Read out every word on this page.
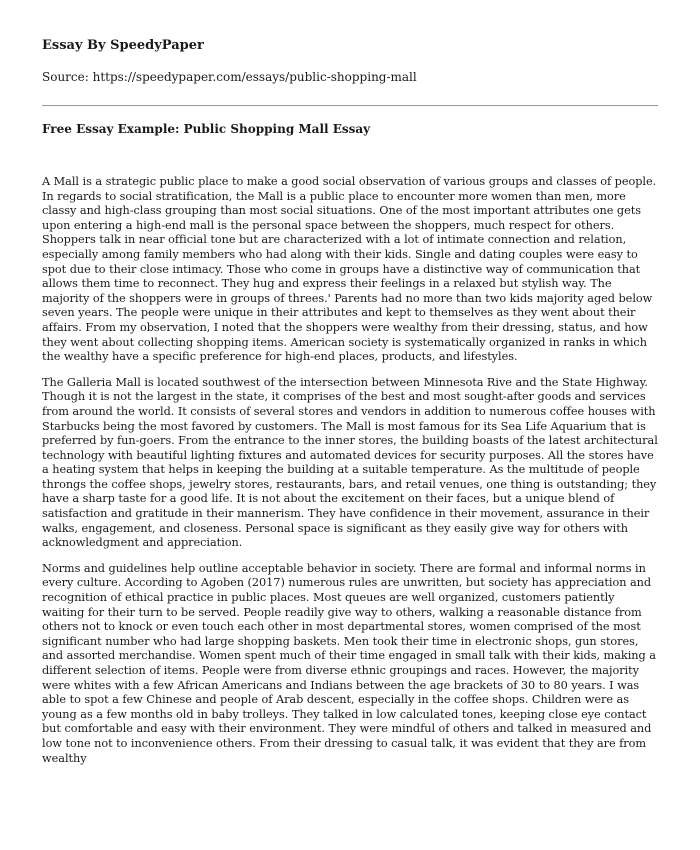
Essay By SpeedyPaper
Source: https://speedypaper.com/essays/public-shopping-mall
Free Essay Example: Public Shopping Mall Essay

A Mall is a strategic public place to make a good social observation of various groups and classes of people. In regards to social stratification, the Mall is a public place to encounter more women than men, more classy and high-class grouping than most social situations. One of the most important attributes one gets upon entering a high-end mall is the personal space between the shoppers, much respect for others. Shoppers talk in near official tone but are characterized with a lot of intimate connection and relation, especially among family members who had along with their kids. Single and dating couples were easy to spot due to their close intimacy. Those who come in groups have a distinctive way of communication that allows them time to reconnect. They hug and express their feelings in a relaxed but stylish way. The majority of the shoppers were in groups of threes.' Parents had no more than two kids majority aged below seven years. The people were unique in their attributes and kept to themselves as they went about their affairs. From my observation, I noted that the shoppers were wealthy from their dressing, status, and how they went about collecting shopping items. American society is systematically organized in ranks in which the wealthy have a specific preference for high-end places, products, and lifestyles.

The Galleria Mall is located southwest of the intersection between Minnesota Rive and the State Highway. Though it is not the largest in the state, it comprises of the best and most sought-after goods and services from around the world. It consists of several stores and vendors in addition to numerous coffee houses with Starbucks being the most favored by customers. The Mall is most famous for its Sea Life Aquarium that is preferred by fun-goers. From the entrance to the inner stores, the building boasts of the latest architectural technology with beautiful lighting fixtures and automated devices for security purposes. All the stores have a heating system that helps in keeping the building at a suitable temperature. As the multitude of people throngs the coffee shops, jewelry stores, restaurants, bars, and retail venues, one thing is outstanding; they have a sharp taste for a good life. It is not about the excitement on their faces, but a unique blend of satisfaction and gratitude in their mannerism. They have confidence in their movement, assurance in their walks, engagement, and closeness. Personal space is significant as they easily give way for others with acknowledgment and appreciation.

Norms and guidelines help outline acceptable behavior in society. There are formal and informal norms in every culture. According to Agoben (2017) numerous rules are unwritten, but society has appreciation and recognition of ethical practice in public places. Most queues are well organized, customers patiently waiting for their turn to be served. People readily give way to others, walking a reasonable distance from others not to knock or even touch each other in most departmental stores, women comprised of the most significant number who had large shopping baskets. Men took their time in electronic shops, gun stores, and assorted merchandise. Women spent much of their time engaged in small talk with their kids, making a different selection of items. People were from diverse ethnic groupings and races. However, the majority were whites with a few African Americans and Indians between the age brackets of 30 to 80 years. I was able to spot a few Chinese and people of Arab descent, especially in the coffee shops. Children were as young as a few months old in baby trolleys. They talked in low calculated tones, keeping close eye contact but comfortable and easy with their environment. They were mindful of others and talked in measured and low tone not to inconvenience others. From their dressing to casual talk, it was evident that they are from wealthy
